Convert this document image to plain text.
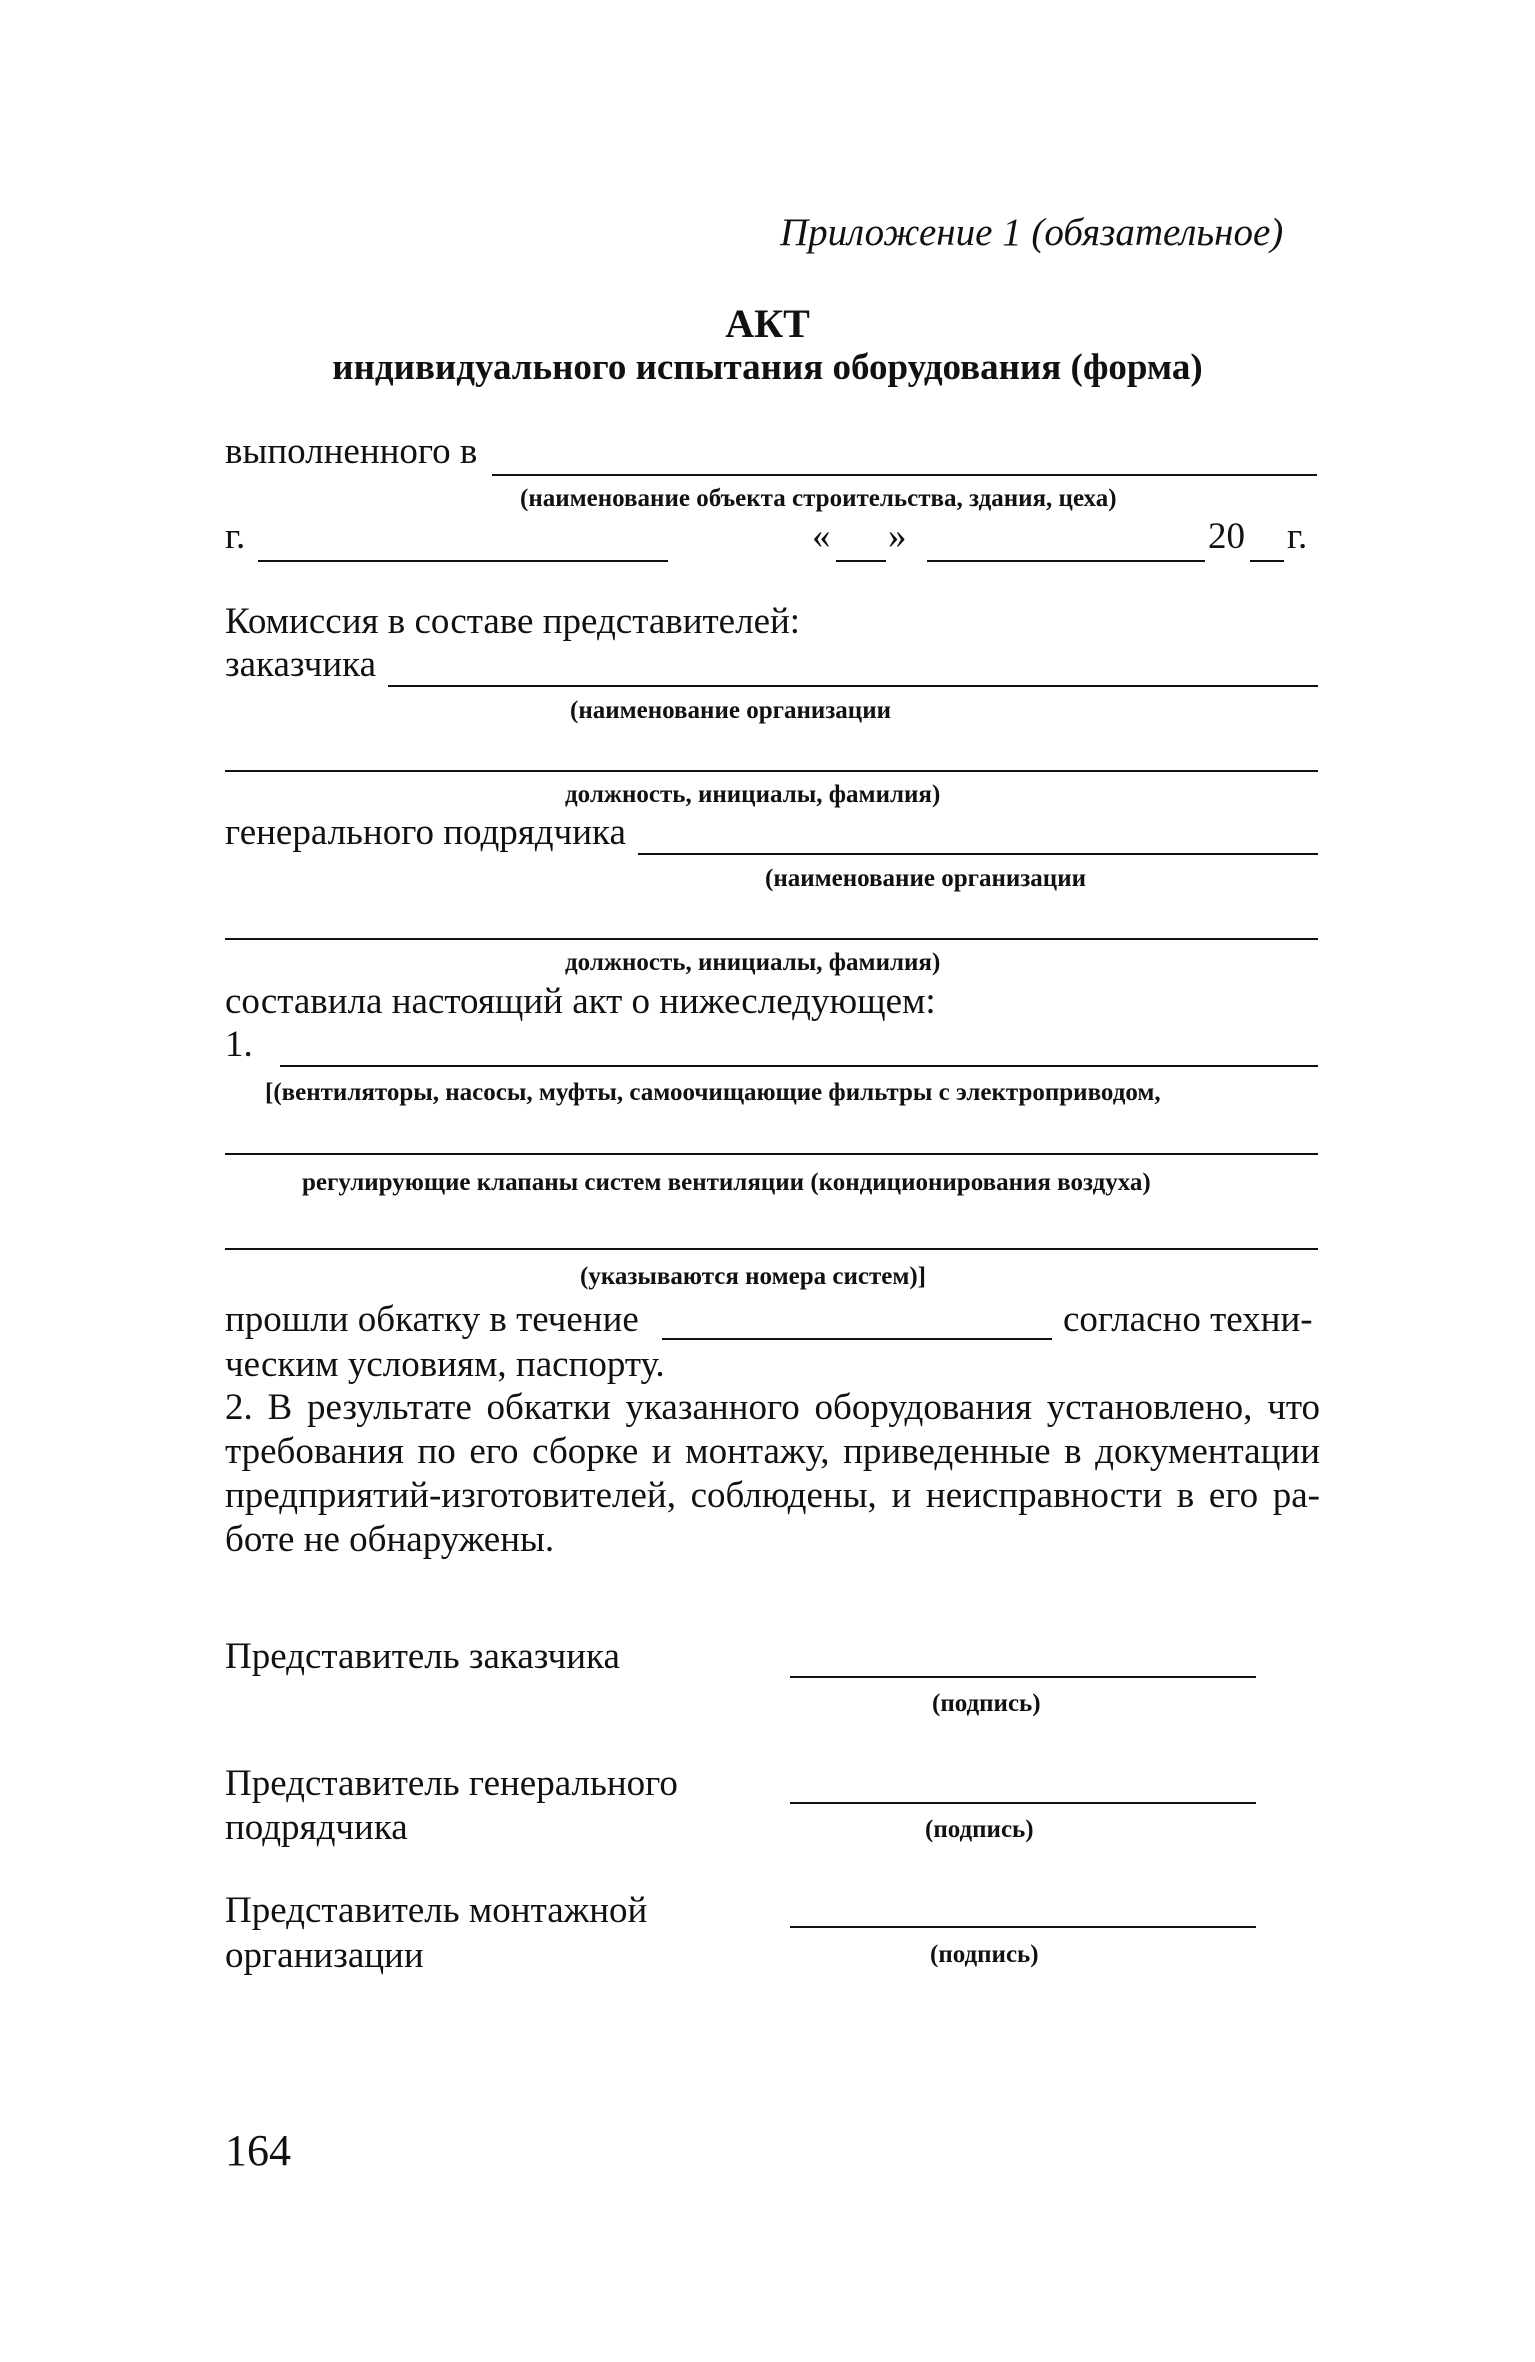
Приложение 1 (обязательное)
АКТ
индивидуального испытания оборудования (форма)
выполненного в
(наименование объекта строительства, здания, цеха)
г.	« »	20 г.
Комиссия в составе представителей:
заказчика
(наименование организации
должность, инициалы, фамилия)
генерального подрядчика
(наименование организации
должность, инициалы, фамилия)
составила настоящий акт о нижеследующем:
1.
[(вентиляторы, насосы, муфты, самоочищающие фильтры с электроприводом,
регулирующие клапаны систем вентиляции (кондиционирования воздуха)
(указываются номера систем)]
прошли обкатку в течение	согласно техни-
ческим условиям, паспорту.
2. В результате обкатки указанного оборудования установлено, что требования по его сборке и монтажу, приведенные в документации предприятий-изготовителей, соблюдены, и неисправности в его ра- боте не обнаружены.
Представитель заказчика
(подпись)
Представитель генерального
подрядчика	(подпись)
Представитель монтажной
организации	(подпись)
164
